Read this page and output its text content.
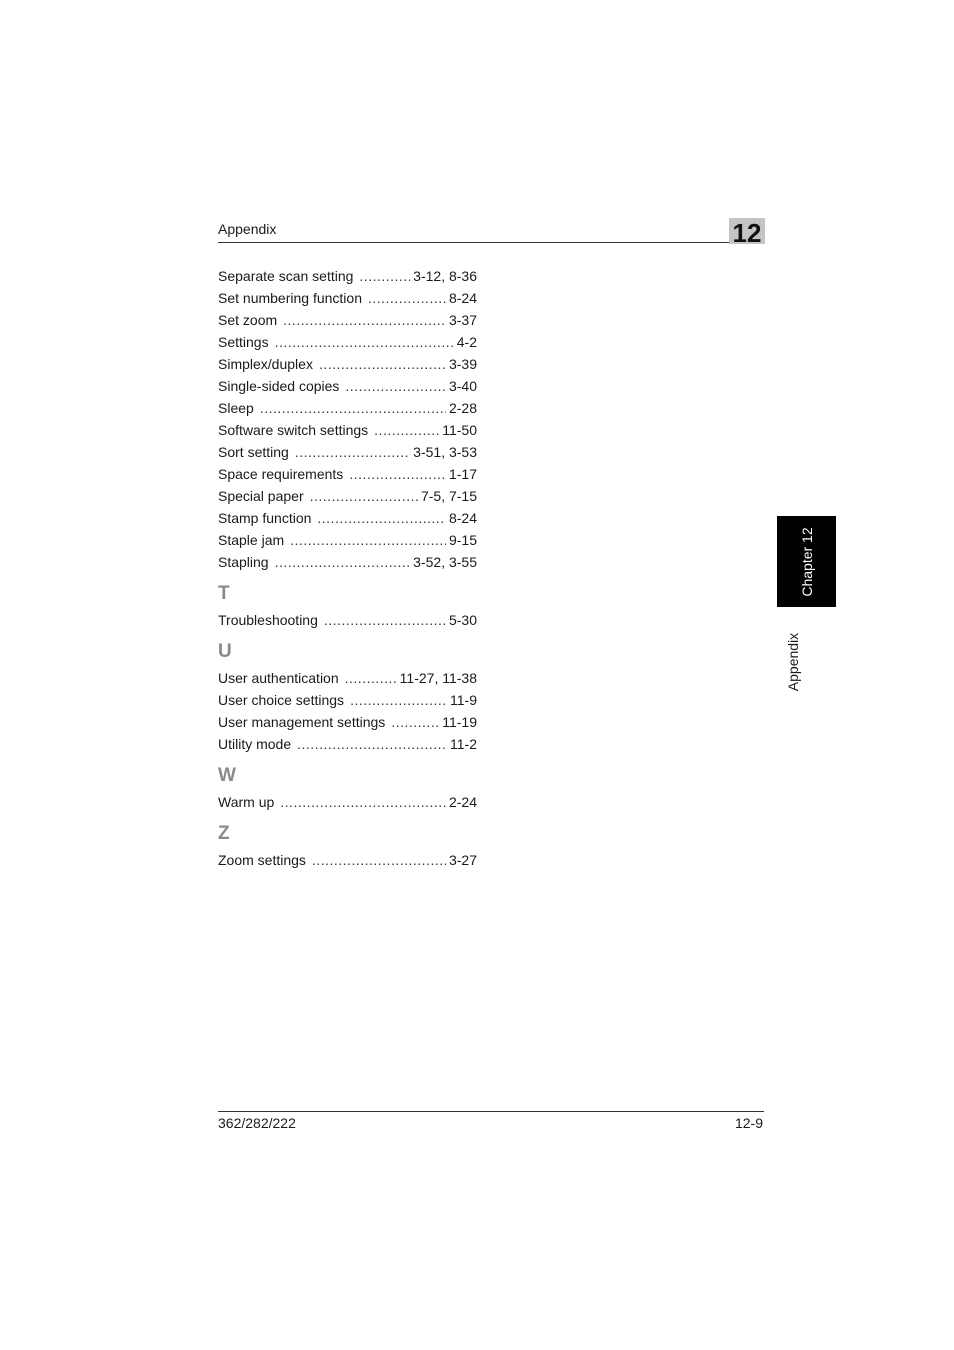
Appendix	12
Separate scan setting .....	3-12, 8-36
Set numbering function .....	8-24
Set zoom .....	3-37
Settings .....	4-2
Simplex/duplex .....	3-39
Single-sided copies .....	3-40
Sleep .....	2-28
Software switch settings .....	11-50
Sort setting .....	3-51, 3-53
Space requirements .....	1-17
Special paper .....	7-5, 7-15
Stamp function .....	8-24
Staple jam .....	9-15
Stapling .....	3-52, 3-55
T
Troubleshooting .....	5-30
U
User authentication .....	11-27, 11-38
User choice settings .....	11-9
User management settings .....	11-19
Utility mode .....	11-2
W
Warm up .....	2-24
Z
Zoom settings .....	3-27
Chapter 12
Appendix
362/282/222	12-9
